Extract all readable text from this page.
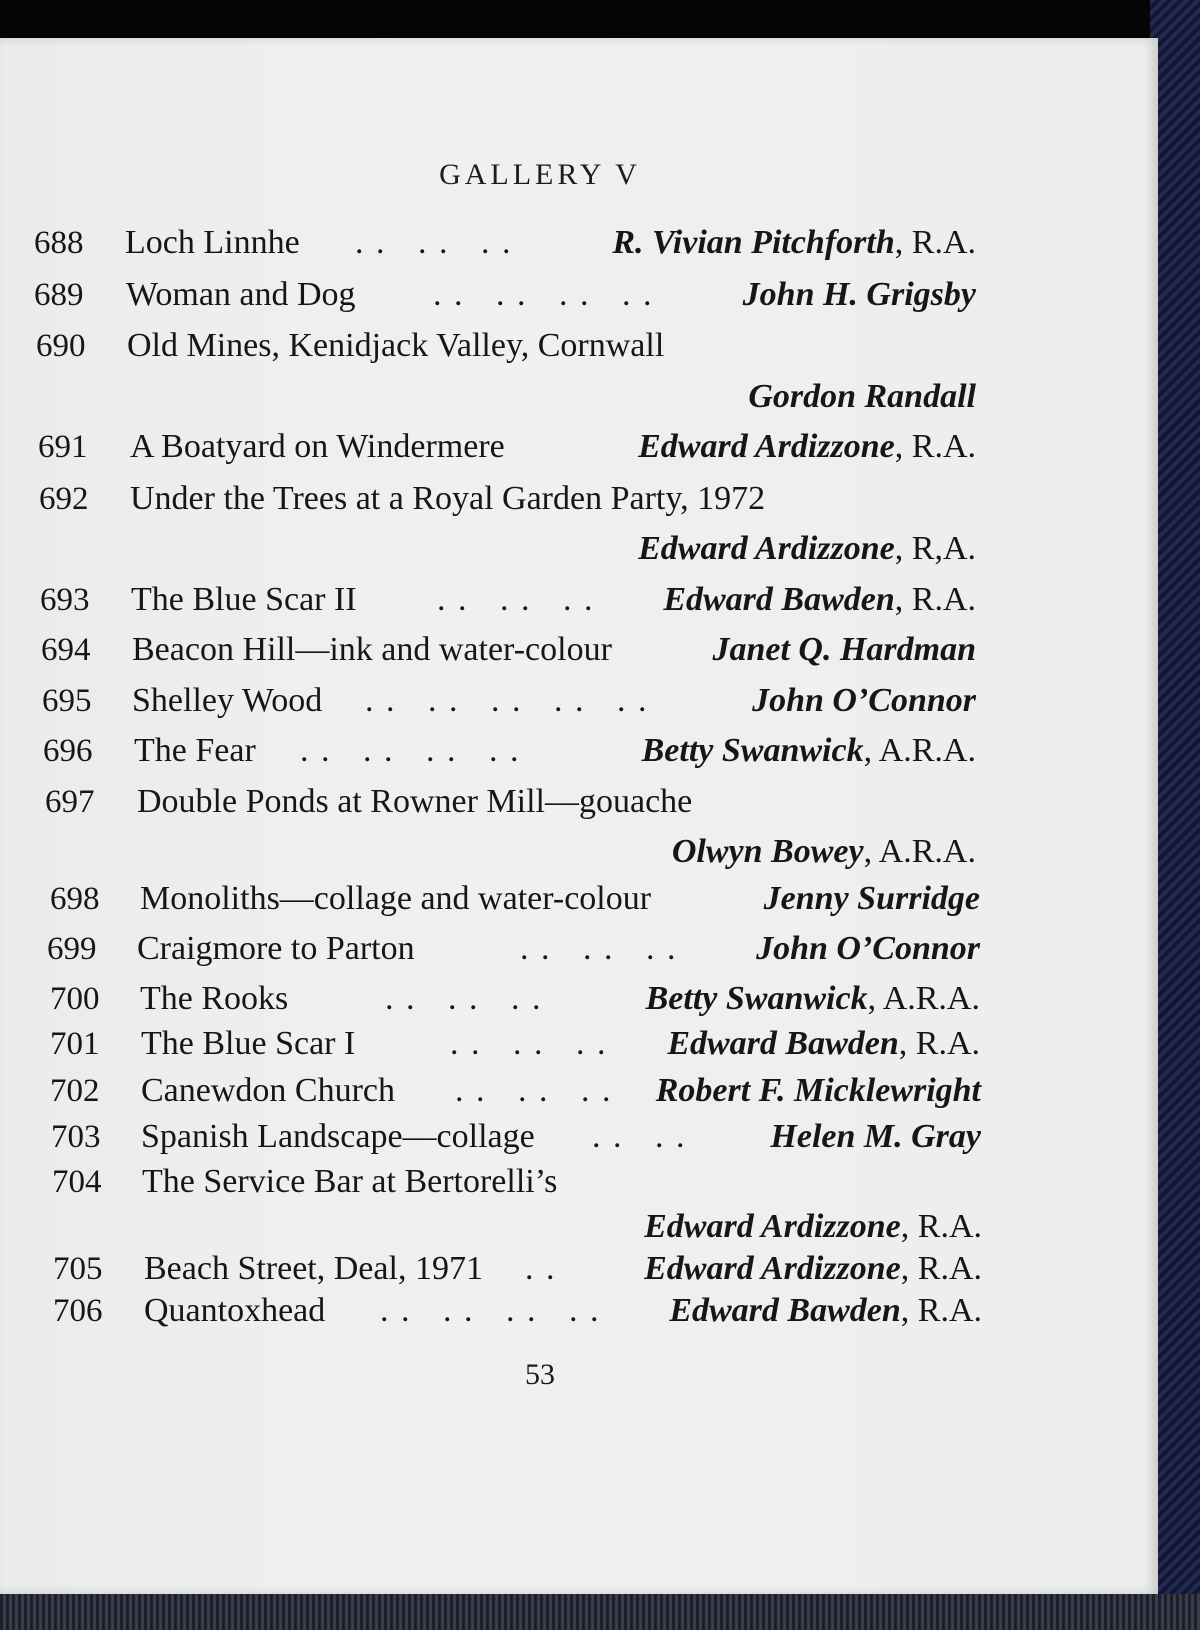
GALLERY V
688 Loch Linnhe . .   . .   . .	R. Vivian Pitchforth, R.A.
689 Woman and Dog . .   . .   . .   . .	John H. Grigsby
690 Old Mines, Kenidjack Valley, Cornwall
Gordon Randall
691 A Boatyard on Windermere	Edward Ardizzone, R.A.
692 Under the Trees at a Royal Garden Party, 1972
Edward Ardizzone, R,A.
693 The Blue Scar II . .   . .   . . Edward Bawden, R.A.
694 Beacon Hill—ink and water-colour	Janet Q. Hardman
695 Shelley Wood . .   . .   . .   . .   . .	John O’Connor
696 The Fear . .   . .   . .   . .	Betty Swanwick, A.R.A.
697 Double Ponds at Rowner Mill—gouache
Olwyn Bowey, A.R.A.
698 Monoliths—collage and water-colour	Jenny Surridge
699 Craigmore to Parton	. .   . .   . . John O’Connor
700 The Rooks	. .   . .   . .	Betty Swanwick, A.R.A.
701 The Blue Scar I	. .   . .   . . Edward Bawden, R.A.
702 Canewdon Church . .   . .   . . Robert F. Micklewright
703 Spanish Landscape—collage . .   . . Helen M. Gray
704 The Service Bar at Bertorelli’s
Edward Ardizzone, R.A.
705 Beach Street, Deal, 1971 . .	Edward Ardizzone, R.A.
706 Quantoxhead . .   . .   . .   . . Edward Bawden, R.A.
53
